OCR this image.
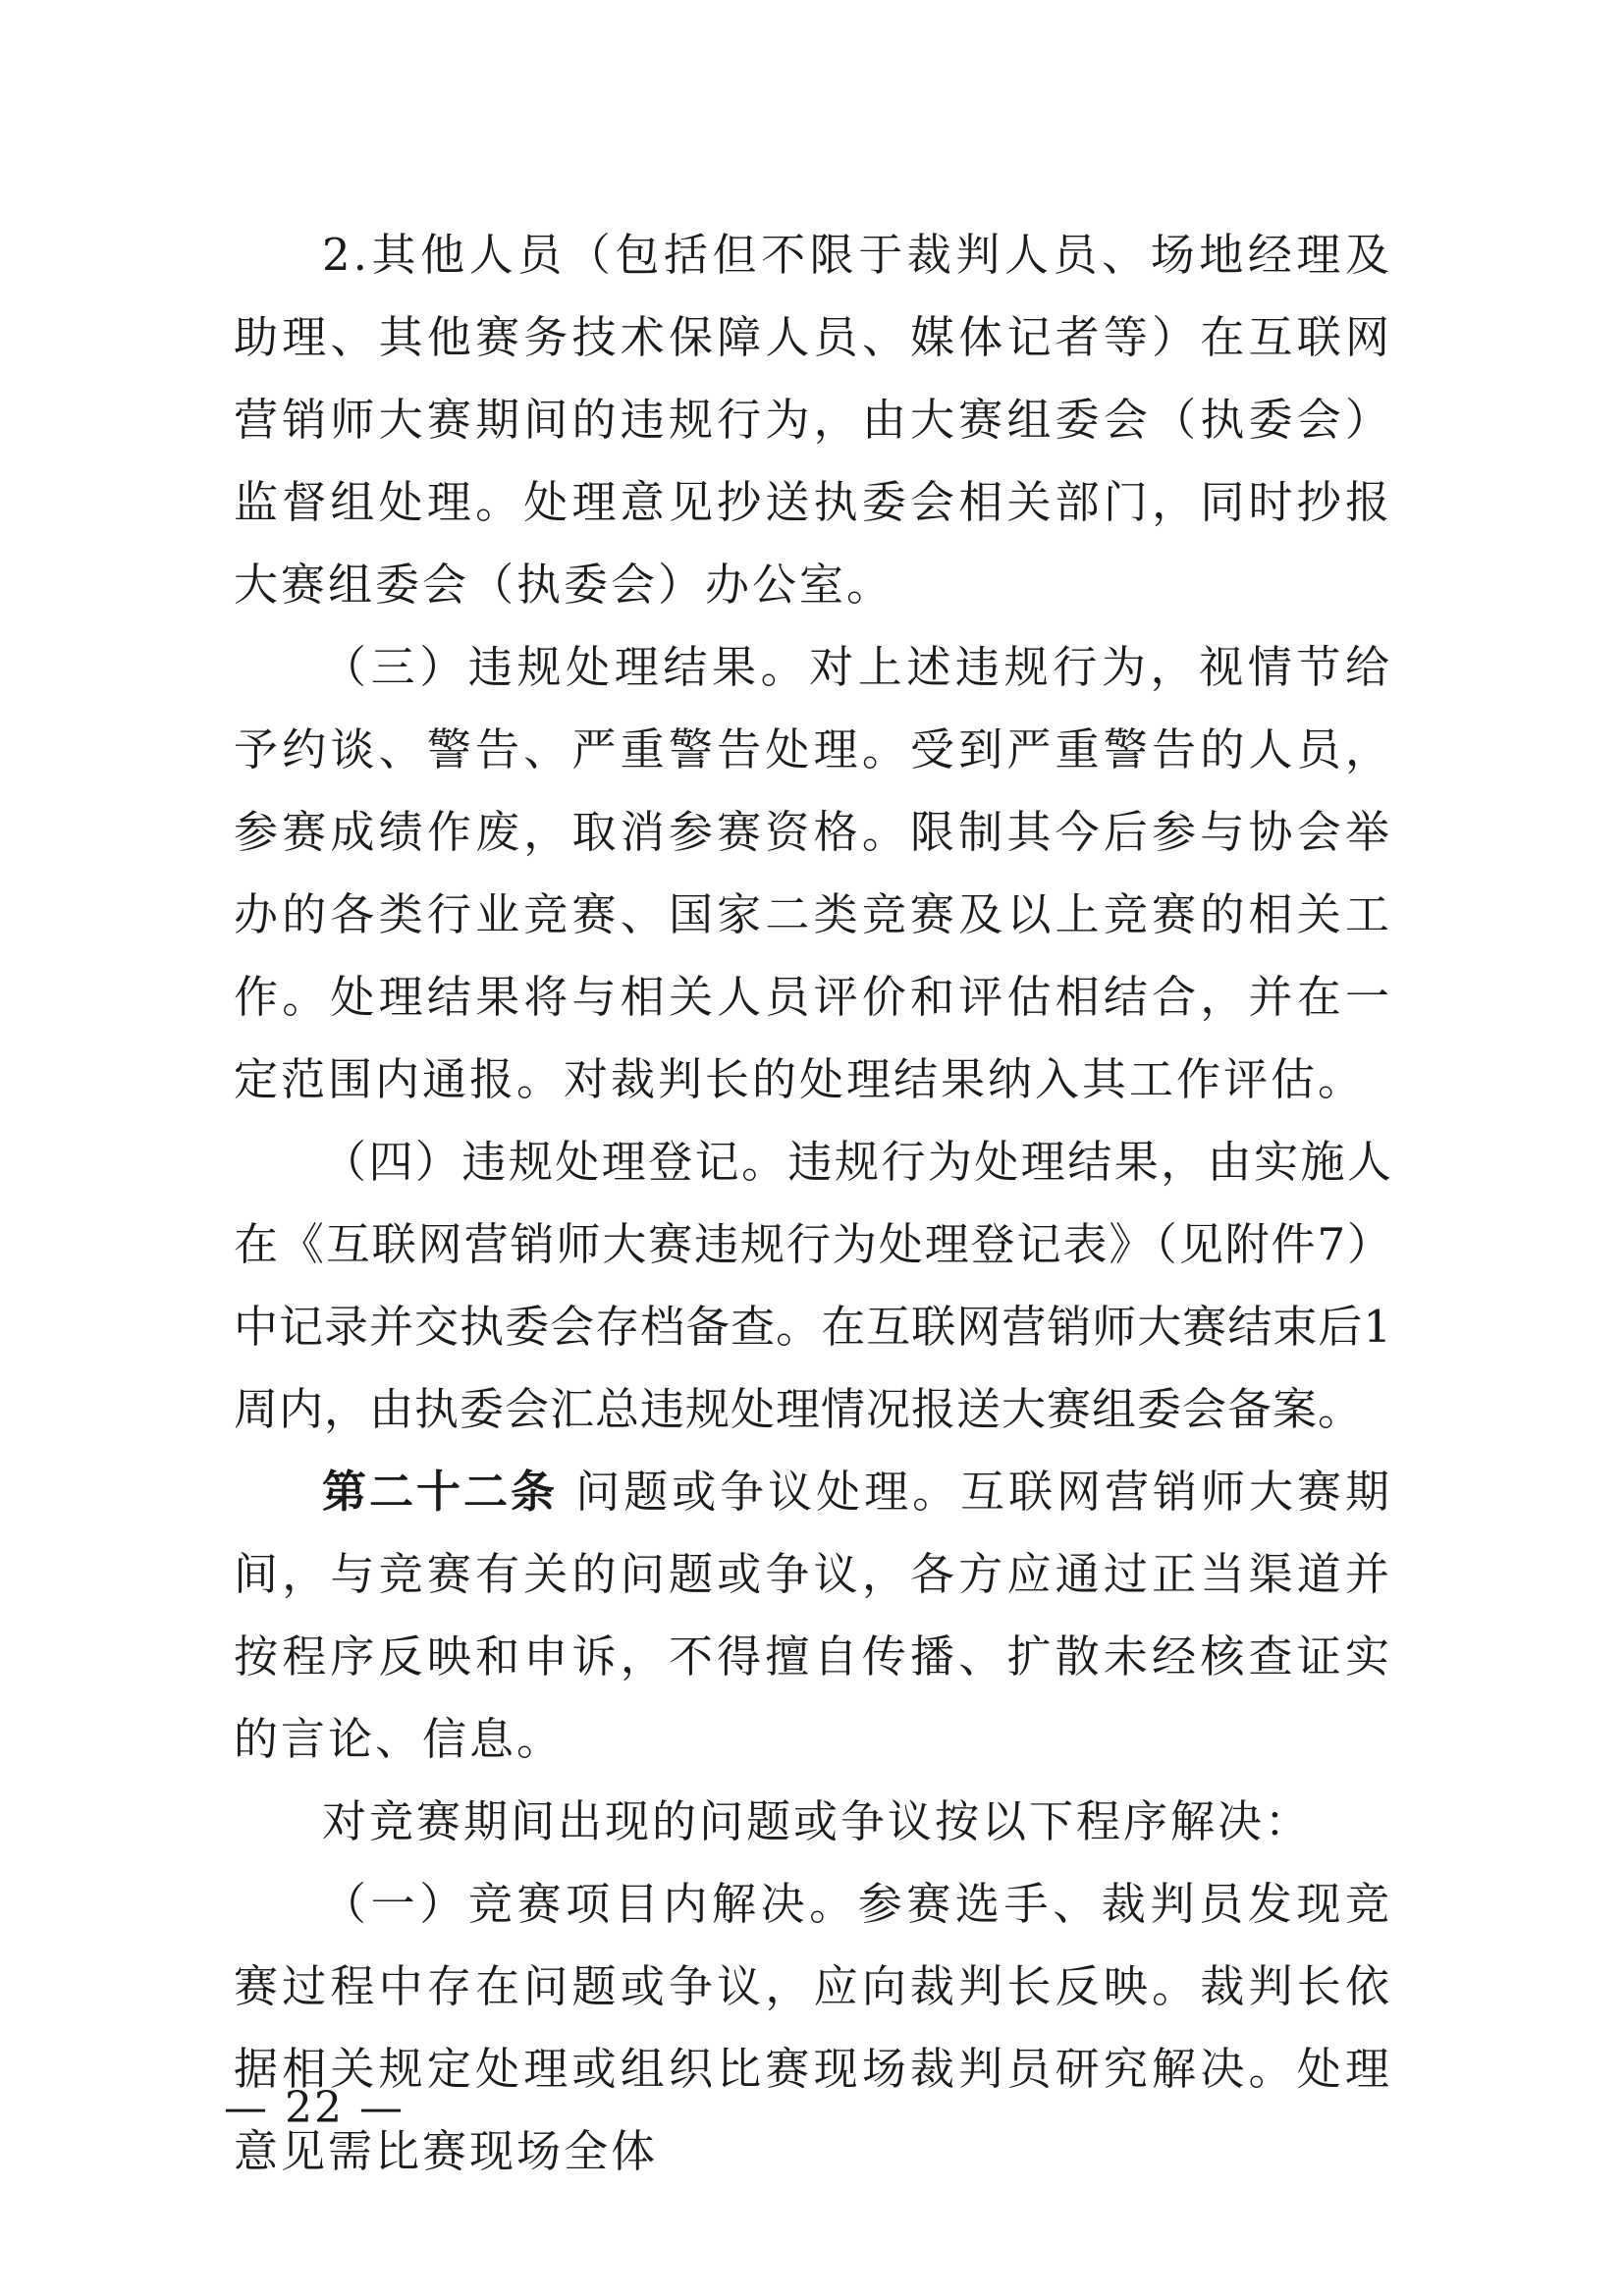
2.其他人员（包括但不限于裁判人员、场地经理及助理、其他赛务技术保障人员、媒体记者等）在互联网营销师大赛期间的违规行为，由大赛组委会（执委会）监督组处理。处理意见抄送执委会相关部门，同时抄报大赛组委会（执委会）办公室。

（三）违规处理结果。对上述违规行为，视情节给予约谈、警告、严重警告处理。受到严重警告的人员，参赛成绩作废，取消参赛资格。限制其今后参与协会举办的各类行业竞赛、国家二类竞赛及以上竞赛的相关工作。处理结果将与相关人员评价和评估相结合，并在一定范围内通报。对裁判长的处理结果纳入其工作评估。

（四）违规处理登记。违规行为处理结果，由实施人在《互联网营销师大赛违规行为处理登记表》（见附件7）中记录并交执委会存档备查。在互联网营销师大赛结束后1周内，由执委会汇总违规处理情况报送大赛组委会备案。

第二十二条 问题或争议处理。互联网营销师大赛期间，与竞赛有关的问题或争议，各方应通过正当渠道并按程序反映和申诉，不得擅自传播、扩散未经核查证实的言论、信息。

对竞赛期间出现的问题或争议按以下程序解决：

（一）竞赛项目内解决。参赛选手、裁判员发现竞赛过程中存在问题或争议，应向裁判长反映。裁判长依据相关规定处理或组织比赛现场裁判员研究解决。处理意见需比赛现场全体

— 22 —
